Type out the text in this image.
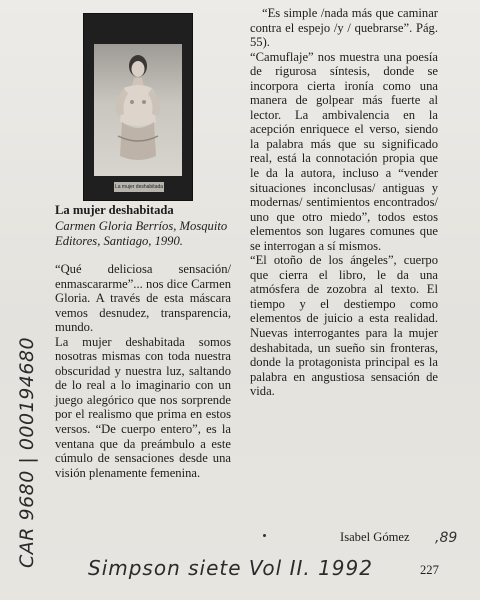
CAR 9680 | 000194680
La mujer deshabitada
La mujer deshabitada
Carmen Gloria Berríos, Mosquito Editores, Santiago, 1990.

“Qué deliciosa sensación/ enmascararme”... nos dice Carmen Gloria. A través de esta máscara vemos desnudez, transparencia, mundo.

La mujer deshabitada somos nosotras mismas con toda nuestra obscuridad y nuestra luz, saltando de lo real a lo imaginario con un juego alegórico que nos sorprende por el realismo que prima en estos versos. “De cuerpo entero”, es la ventana que da preámbulo a este cúmulo de sensaciones desde una visión plenamente femenina.

“Es simple /nada más que caminar contra el espejo /y / quebrarse”. Pág. 55).

“Camuflaje” nos muestra una poesía de rigurosa síntesis, donde se incorpora cierta ironía como una manera de golpear más fuerte al lector. La ambivalencia en la acepción enriquece el verso, siendo la palabra más que su significado real, está la connotación propia que le da la autora, incluso a “vender situaciones inconclusas/ antiguas y modernas/ sentimientos encontrados/ uno que otro miedo”, todos estos elementos son lugares comunes que se interrogan a sí mismos.

“El otoño de los ángeles”, cuerpo que cierra el libro, le da una atmósfera de zozobra al texto. El tiempo y el destiempo como elementos de juicio a esta realidad. Nuevas interrogantes para la mujer deshabitada, un sueño sin fronteras, donde la protagonista principal es la palabra en angustiosa sensación de vida.

Isabel Gómez ,89
Simpson siete Vol II. 1992	227
